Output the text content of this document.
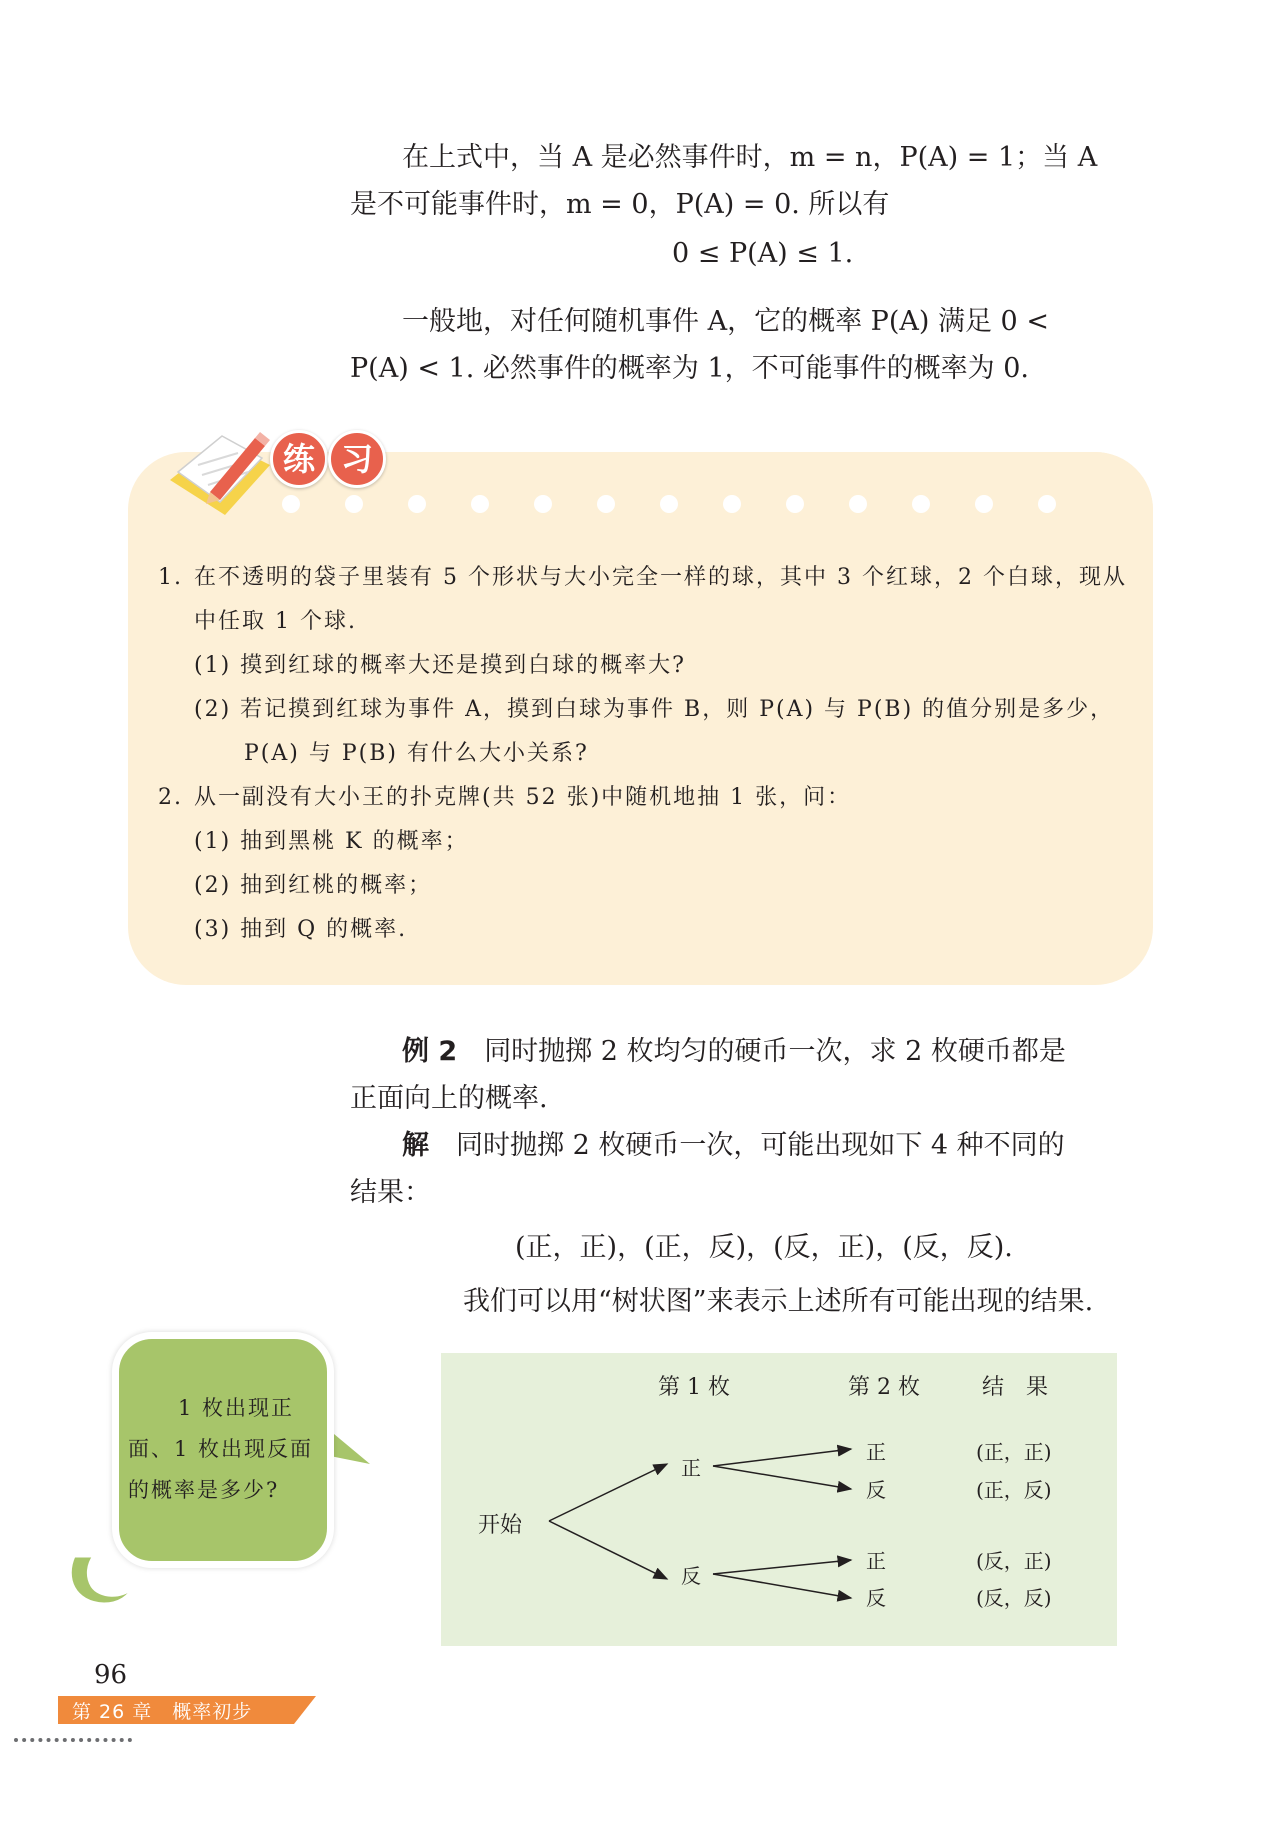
在上式中，当 A 是必然事件时，m = n，P(A) = 1；当 A
是不可能事件时，m = 0，P(A) = 0. 所以有
0 ≤ P(A) ≤ 1.
一般地，对任何随机事件 A，它的概率 P(A) 满足 0 <
P(A) < 1. 必然事件的概率为 1，不可能事件的概率为 0.
练 习
1. 在不透明的袋子里装有 5 个形状与大小完全一样的球，其中 3 个红球，2 个白球，现从
中任取 1 个球.
(1) 摸到红球的概率大还是摸到白球的概率大?
(2) 若记摸到红球为事件 A，摸到白球为事件 B，则 P(A) 与 P(B) 的值分别是多少，
P(A) 与 P(B) 有什么大小关系?
2. 从一副没有大小王的扑克牌(共 52 张)中随机地抽 1 张，问：
(1) 抽到黑桃 K 的概率；
(2) 抽到红桃的概率；
(3) 抽到 Q 的概率.
例 2　 同时抛掷 2 枚均匀的硬币一次，求 2 枚硬币都是
正面向上的概率.
解　 同时抛掷 2 枚硬币一次，可能出现如下 4 种不同的
结果：
(正，正)，(正，反)，(反，正)，(反，反).
我们可以用“树状图”来表示上述所有可能出现的结果.
第 1 枚	第 2 枚	结　果
开始
正
反
正
反
正
反
(正，正)
(正，反)
(反，正)
(反，反)
1 枚出现正
面、1 枚出现反面
的概率是多少?
96
第 26 章　概率初步
